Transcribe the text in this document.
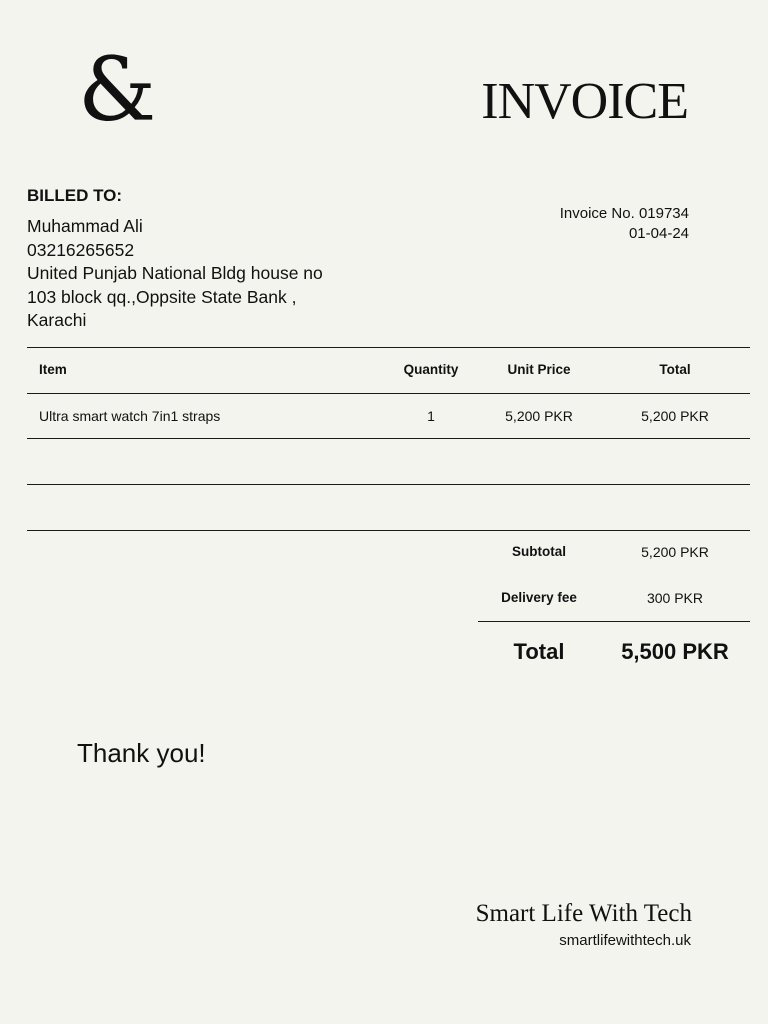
&	INVOICE
BILLED TO:
Muhammad Ali
03216265652
United Punjab National Bldg house no
103 block qq.,Oppsite State Bank ,
Karachi
Invoice No. 019734
01-04-24
Item	Quantity	Unit Price	Total
Ultra smart watch 7in1 straps	1	5,200 PKR	5,200 PKR
Subtotal	5,200 PKR
Delivery fee	300 PKR
Total	5,500 PKR
Thank you!
Smart Life With Tech
smartlifewithtech.uk
